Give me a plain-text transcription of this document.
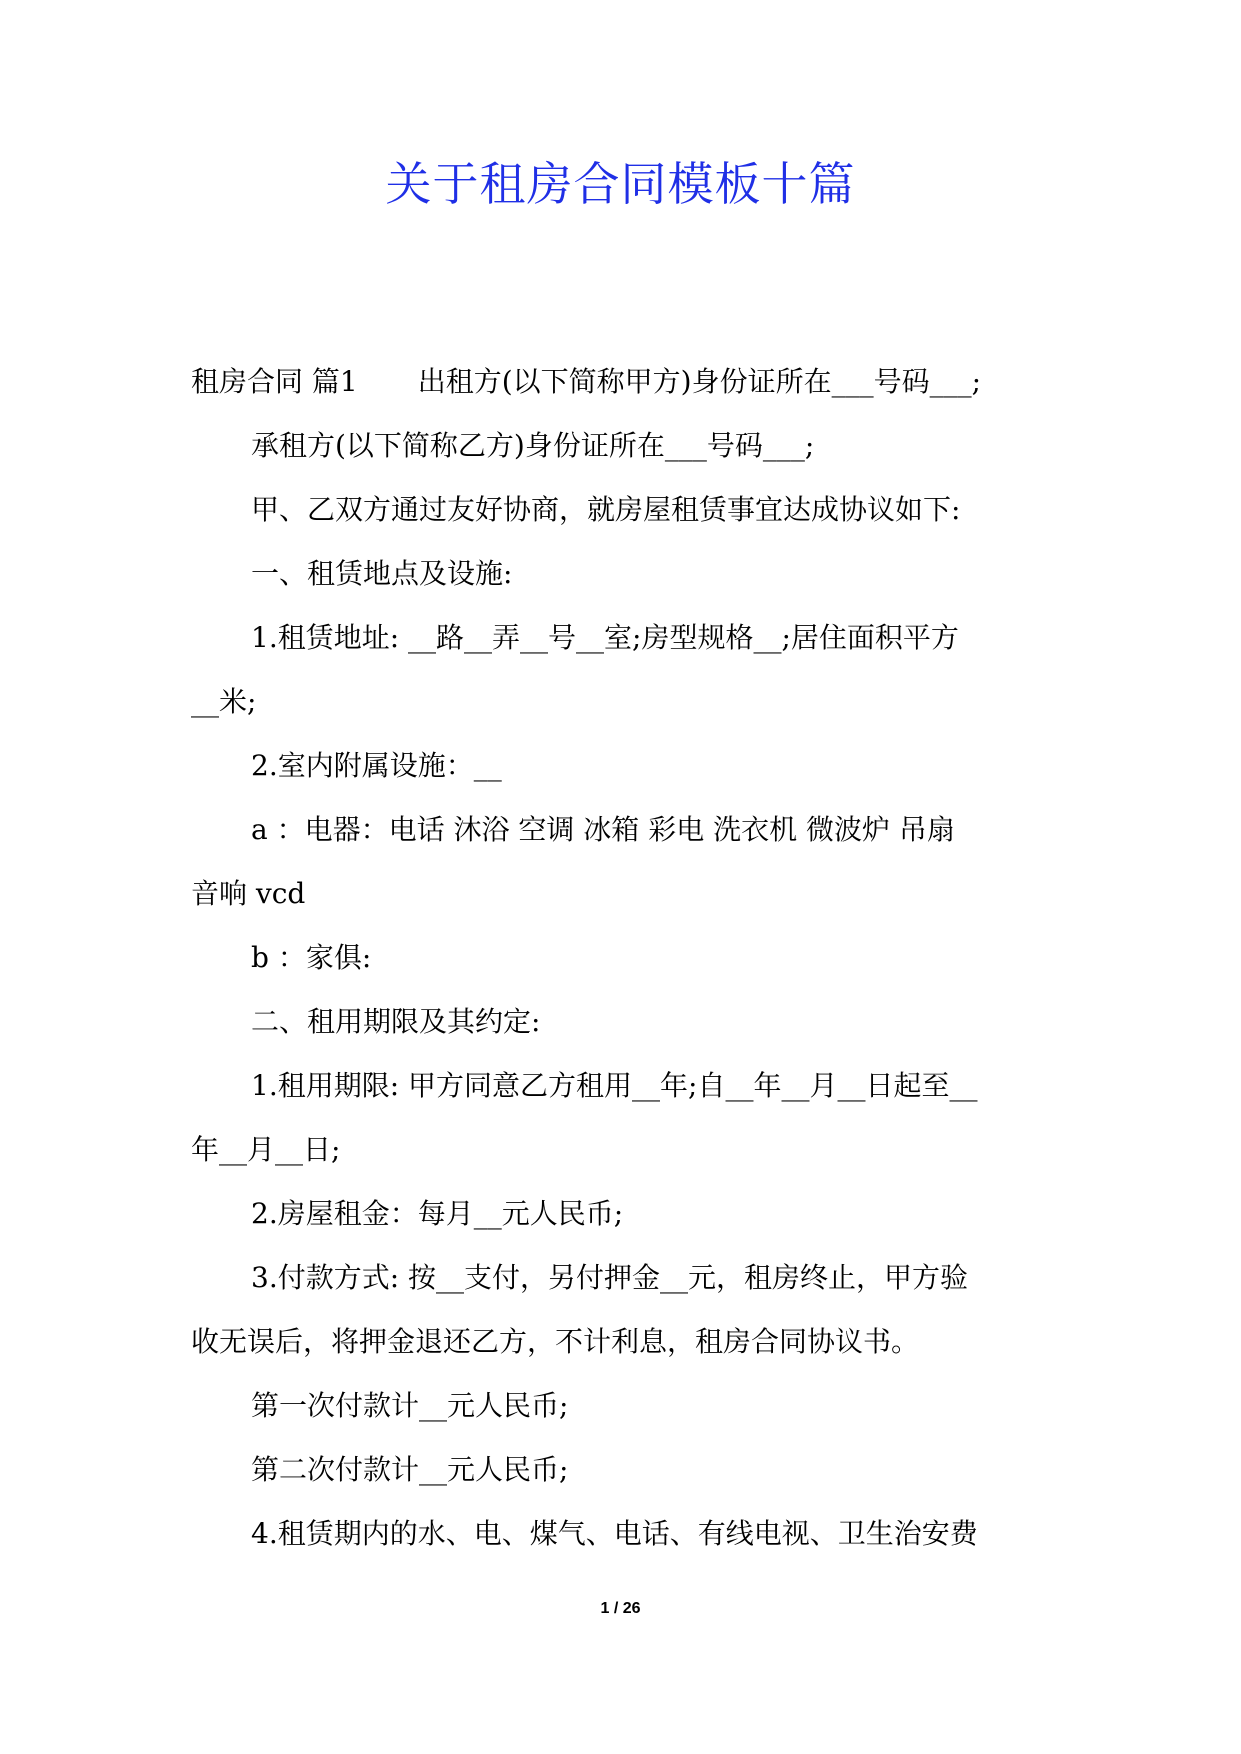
关于租房合同模板十篇
租房合同 篇1 出租方(以下简称甲方)身份证所在___号码___;
承租方(以下简称乙方)身份证所在___号码___;
甲、乙双方通过友好协商，就房屋租赁事宜达成协议如下:
一、租赁地点及设施:
1.租赁地址: __路__弄__号__室;房型规格__;居住面积平方
__米;
2.室内附属设施：__
a ：电器：电话 沐浴 空调 冰箱 彩电 洗衣机 微波炉 吊扇
音响 vcd
b ：家俱:
二、租用期限及其约定:
1.租用期限: 甲方同意乙方租用__年;自__年__月__日起至__
年__月__日;
2.房屋租金：每月__元人民币;
3.付款方式: 按__支付，另付押金__元，租房终止，甲方验
收无误后，将押金退还乙方，不计利息，租房合同协议书。
第一次付款计__元人民币;
第二次付款计__元人民币;
4.租赁期内的水、电、煤气、电话、有线电视、卫生治安费
1 / 26
